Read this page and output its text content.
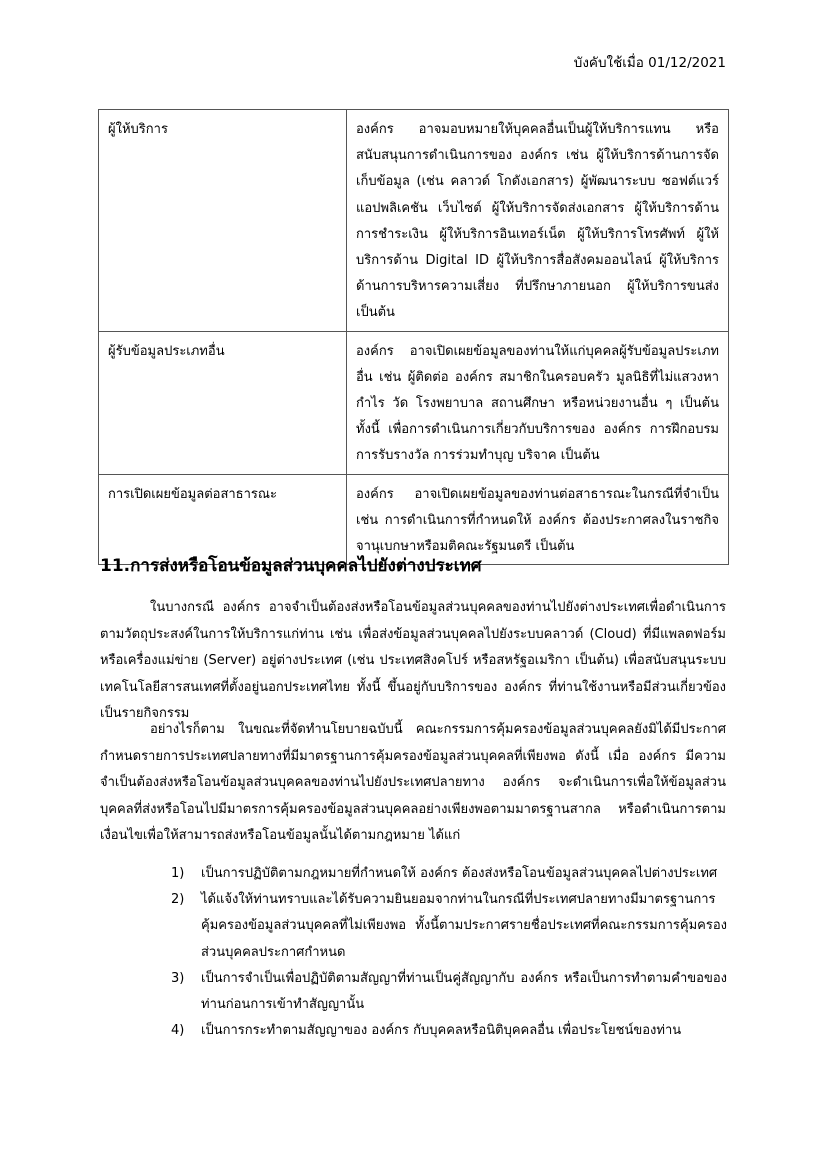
บังคับใช้เมื่อ 01/12/2021
ผู้ให้บริการ	องค์กร อาจมอบหมายให้บุคคลอื่นเป็นผู้ให้บริการแทน หรือสนับสนุนการดำเนินการของ องค์กร เช่น ผู้ให้บริการด้านการจัดเก็บข้อมูล (เช่น คลาวด์ โกดังเอกสาร) ผู้พัฒนาระบบ ซอฟต์แวร์ แอปพลิเคชัน เว็บไซต์ ผู้ให้บริการจัดส่งเอกสาร ผู้ให้บริการด้านการชำระเงิน ผู้ให้บริการอินเทอร์เน็ต ผู้ให้บริการโทรศัพท์ ผู้ให้บริการด้าน Digital ID ผู้ให้บริการสื่อสังคมออนไลน์ ผู้ให้บริการด้านการบริหารความเสี่ยง ที่ปรึกษาภายนอก ผู้ให้บริการขนส่ง เป็นต้น
ผู้รับข้อมูลประเภทอื่น	องค์กร อาจเปิดเผยข้อมูลของท่านให้แก่บุคคลผู้รับข้อมูลประเภทอื่น เช่น ผู้ติดต่อ องค์กร สมาชิกในครอบครัว มูลนิธิที่ไม่แสวงหากำไร วัด โรงพยาบาล สถานศึกษา หรือหน่วยงานอื่น ๆ เป็นต้น ทั้งนี้ เพื่อการดำเนินการเกี่ยวกับบริการของ องค์กร การฝึกอบรม การรับรางวัล การร่วมทำบุญ บริจาค เป็นต้น
การเปิดเผยข้อมูลต่อสาธารณะ	องค์กร อาจเปิดเผยข้อมูลของท่านต่อสาธารณะในกรณีที่จำเป็น เช่น การดำเนินการที่กำหนดให้ องค์กร ต้องประกาศลงในราชกิจจานุเบกษาหรือมติคณะรัฐมนตรี เป็นต้น
11.การส่งหรือโอนข้อมูลส่วนบุคคลไปยังต่างประเทศ
ในบางกรณี องค์กร อาจจำเป็นต้องส่งหรือโอนข้อมูลส่วนบุคคลของท่านไปยังต่างประเทศเพื่อดำเนินการตามวัตถุประสงค์ในการให้บริการแก่ท่าน เช่น เพื่อส่งข้อมูลส่วนบุคคลไปยังระบบคลาวด์ (Cloud) ที่มีแพลตฟอร์มหรือเครื่องแม่ข่าย (Server) อยู่ต่างประเทศ (เช่น ประเทศสิงคโปร์ หรือสหรัฐอเมริกา เป็นต้น) เพื่อสนับสนุนระบบเทคโนโลยีสารสนเทศที่ตั้งอยู่นอกประเทศไทย ทั้งนี้ ขึ้นอยู่กับบริการของ องค์กร ที่ท่านใช้งานหรือมีส่วนเกี่ยวข้องเป็นรายกิจกรรม
อย่างไรก็ตาม ในขณะที่จัดทำนโยบายฉบับนี้ คณะกรรมการคุ้มครองข้อมูลส่วนบุคคลยังมิได้มีประกาศกำหนดรายการประเทศปลายทางที่มีมาตรฐานการคุ้มครองข้อมูลส่วนบุคคลที่เพียงพอ ดังนี้ เมื่อ องค์กร มีความจำเป็นต้องส่งหรือโอนข้อมูลส่วนบุคคลของท่านไปยังประเทศปลายทาง องค์กร จะดำเนินการเพื่อให้ข้อมูลส่วนบุคคลที่ส่งหรือโอนไปมีมาตรการคุ้มครองข้อมูลส่วนบุคคลอย่างเพียงพอตามมาตรฐานสากล หรือดำเนินการตามเงื่อนไขเพื่อให้สามารถส่งหรือโอนข้อมูลนั้นได้ตามกฎหมาย ได้แก่
1) เป็นการปฏิบัติตามกฎหมายที่กำหนดให้ องค์กร ต้องส่งหรือโอนข้อมูลส่วนบุคคลไปต่างประเทศ
2) ได้แจ้งให้ท่านทราบและได้รับความยินยอมจากท่านในกรณีที่ประเทศปลายทางมีมาตรฐานการคุ้มครองข้อมูลส่วนบุคคลที่ไม่เพียงพอ ทั้งนี้ตามประกาศรายชื่อประเทศที่คณะกรรมการคุ้มครองส่วนบุคคลประกาศกำหนด
3) เป็นการจำเป็นเพื่อปฏิบัติตามสัญญาที่ท่านเป็นคู่สัญญากับ องค์กร หรือเป็นการทำตามคำขอของท่านก่อนการเข้าทำสัญญานั้น
4) เป็นการกระทำตามสัญญาของ องค์กร กับบุคคลหรือนิติบุคคลอื่น เพื่อประโยชน์ของท่าน
